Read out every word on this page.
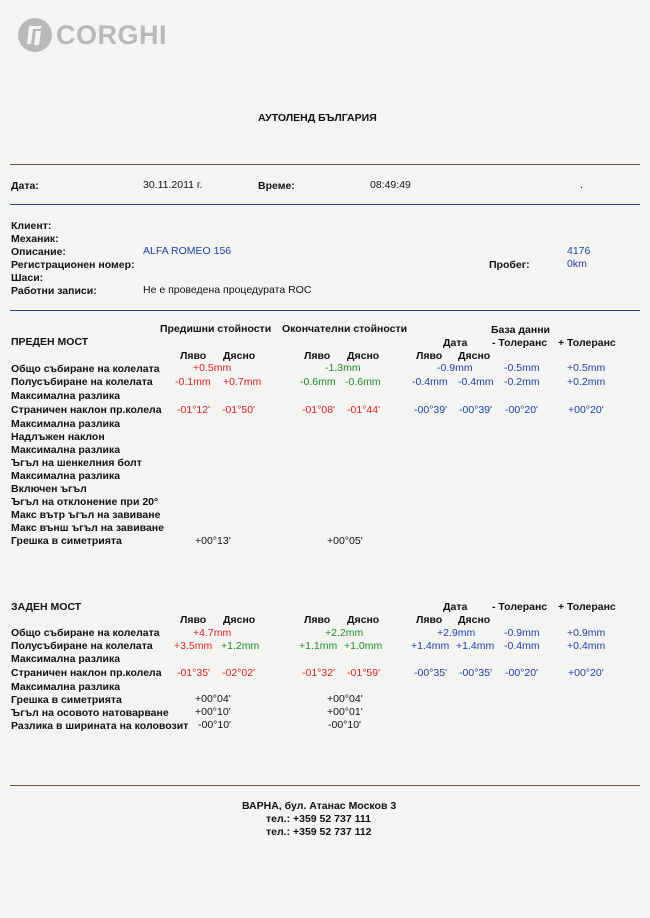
CORGHI
АУТОЛЕНД БЪЛГАРИЯ
Дата:	30.11.2011 г.	Време:	08:49:49	.
Клиент:
Механик:
Описание:	ALFA ROMEO 156	4176
Регистрационен номер:	Пробег:	0km
Шаси:
Работни записи:	Не е проведена процедурата ROC
Предишни стойности Окончателни стойности	База данни
ПРЕДЕН МОСТ	Дата - Толеранс + Толеранс
Ляво Дясно	Ляво Дясно	Ляво Дясно
Общо събиране на колелата	+0.5mm	-1.3mm	-0.9mm	-0.5mm	+0.5mm
Полусъбиране на колелата -0.1mm +0.7mm	-0.6mm -0.6mm	-0.4mm -0.4mm -0.2mm	+0.2mm
Максимална разлика
Страничен наклон пр.колела -01°12' -01°50'	-01°08' -01°44'	-00°39' -00°39' -00°20'	+00°20'
Максимална разлика
Надлъжен наклон
Максимална разлика
Ъгъл на шенкелния болт
Максимална разлика
Включен ъгъл
Ъгъл на отклонение при 20°
Макс вътр ъгъл на завиване
Макс външ ъгъл на завиване
Грешка в симетрията	+00°13'	+00°05'
ЗАДЕН МОСТ	Дата - Толеранс + Толеранс
Ляво Дясно	Ляво Дясно	Ляво Дясно
Общо събиране на колелата	+4.7mm	+2.2mm	+2.9mm	-0.9mm	+0.9mm
Полусъбиране на колелата +3.5mm +1.2mm	+1.1mm +1.0mm	+1.4mm +1.4mm -0.4mm	+0.4mm
Максимална разлика
Страничен наклон пр.колела -01°35' -02°02'	-01°32' -01°59'	-00°35' -00°35' -00°20'	+00°20'
Максимална разлика
Грешка в симетрията	+00°04'	+00°04'
Ъгъл на осовото натоварване	+00°10'	+00°01'
Разлика в ширината на коловозит -00°10'	-00°10'
ВАРНА, бул. Атанас Москов 3
тел.: +359 52 737 111
тел.: +359 52 737 112
